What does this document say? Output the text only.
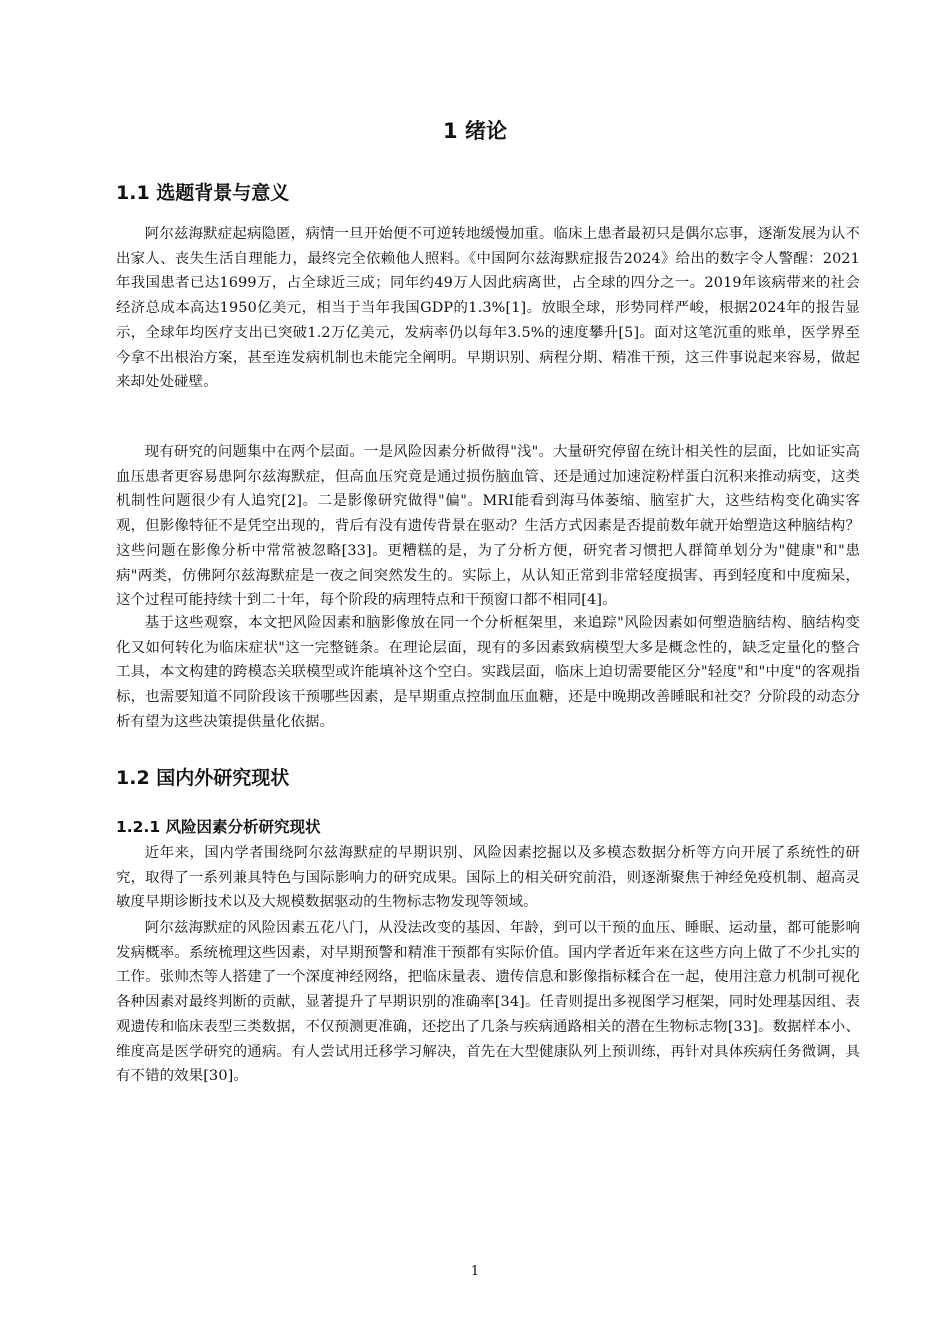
1 绪论
1.1 选题背景与意义

阿尔兹海默症起病隐匿，病情一旦开始便不可逆转地缓慢加重。临床上患者最初只是偶尔忘事，逐渐发展为认不出家人、丧失生活自理能力，最终完全依赖他人照料。《中国阿尔兹海默症报告2024》给出的数字令人警醒：2021年我国患者已达1699万，占全球近三成；同年约49万人因此病离世，占全球的四分之一。2019年该病带来的社会经济总成本高达1950亿美元，相当于当年我国GDP的1.3%[1]。放眼全球，形势同样严峻，根据2024年的报告显示，全球年均医疗支出已突破1.2万亿美元，发病率仍以每年3.5%的速度攀升[5]。面对这笔沉重的账单，医学界至今拿不出根治方案，甚至连发病机制也未能完全阐明。早期识别、病程分期、精准干预，这三件事说起来容易，做起来却处处碰壁。

现有研究的问题集中在两个层面。一是风险因素分析做得"浅"。大量研究停留在统计相关性的层面，比如证实高血压患者更容易患阿尔兹海默症，但高血压究竟是通过损伤脑血管、还是通过加速淀粉样蛋白沉积来推动病变，这类机制性问题很少有人追究[2]。二是影像研究做得"偏"。MRI能看到海马体萎缩、脑室扩大，这些结构变化确实客观，但影像特征不是凭空出现的，背后有没有遗传背景在驱动？生活方式因素是否提前数年就开始塑造这种脑结构？这些问题在影像分析中常常被忽略[33]。更糟糕的是，为了分析方便，研究者习惯把人群简单划分为"健康"和"患病"两类，仿佛阿尔兹海默症是一夜之间突然发生的。实际上，从认知正常到非常轻度损害、再到轻度和中度痴呆，这个过程可能持续十到二十年，每个阶段的病理特点和干预窗口都不相同[4]。

基于这些观察，本文把风险因素和脑影像放在同一个分析框架里，来追踪"风险因素如何塑造脑结构、脑结构变化又如何转化为临床症状"这一完整链条。在理论层面，现有的多因素致病模型大多是概念性的，缺乏定量化的整合工具，本文构建的跨模态关联模型或许能填补这个空白。实践层面，临床上迫切需要能区分"轻度"和"中度"的客观指标，也需要知道不同阶段该干预哪些因素，是早期重点控制血压血糖，还是中晚期改善睡眠和社交？分阶段的动态分析有望为这些决策提供量化依据。

1.2 国内外研究现状
1.2.1 风险因素分析研究现状

近年来，国内学者围绕阿尔兹海默症的早期识别、风险因素挖掘以及多模态数据分析等方向开展了系统性的研究，取得了一系列兼具特色与国际影响力的研究成果。国际上的相关研究前沿，则逐渐聚焦于神经免疫机制、超高灵敏度早期诊断技术以及大规模数据驱动的生物标志物发现等领域。

阿尔兹海默症的风险因素五花八门，从没法改变的基因、年龄，到可以干预的血压、睡眠、运动量，都可能影响发病概率。系统梳理这些因素，对早期预警和精准干预都有实际价值。国内学者近年来在这些方向上做了不少扎实的工作。张帅杰等人搭建了一个深度神经网络，把临床量表、遗传信息和影像指标糅合在一起，使用注意力机制可视化各种因素对最终判断的贡献，显著提升了早期识别的准确率[34]。任青则提出多视图学习框架，同时处理基因组、表观遗传和临床表型三类数据，不仅预测更准确，还挖出了几条与疾病通路相关的潜在生物标志物[33]。数据样本小、维度高是医学研究的通病。有人尝试用迁移学习解决，首先在大型健康队列上预训练，再针对具体疾病任务微调，具有不错的效果[30]。

1
